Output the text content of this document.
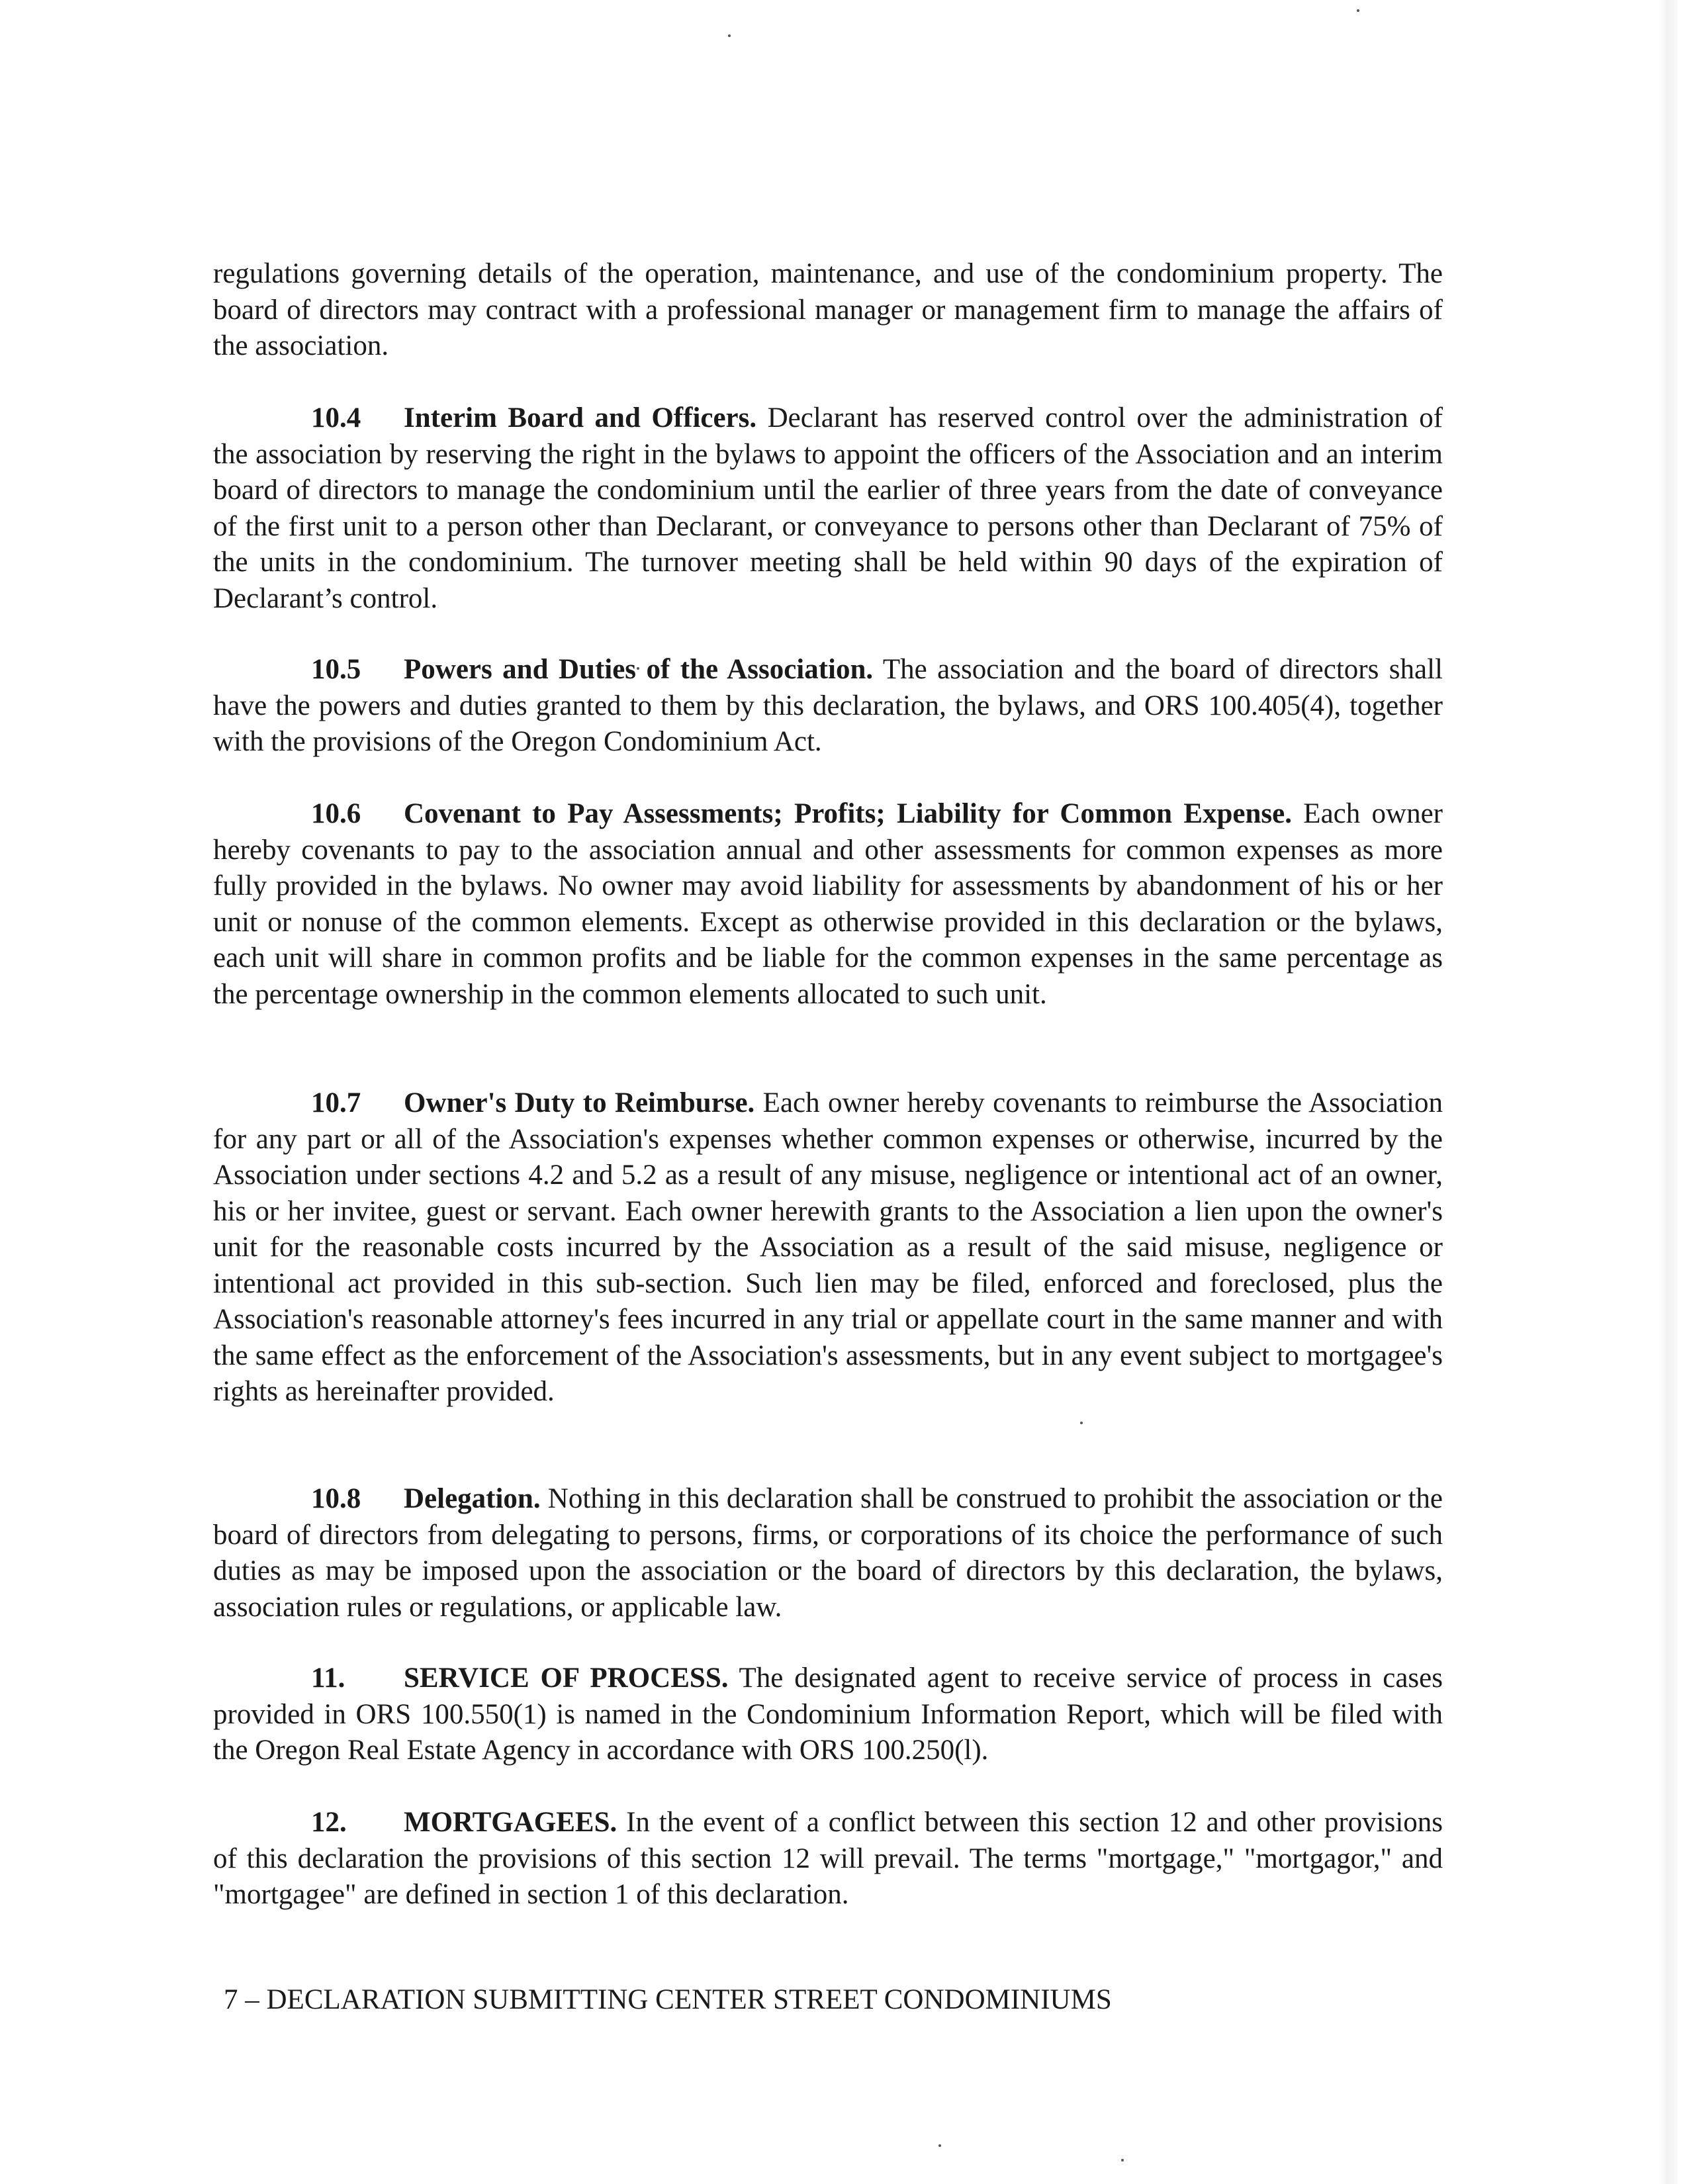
regulations governing details of the operation, maintenance, and use of the condominium property. The board of directors may contract with a professional manager or management firm to manage the affairs of the association.

10.4 Interim Board and Officers. Declarant has reserved control over the administration of the association by reserving the right in the bylaws to appoint the officers of the Association and an interim board of directors to manage the condominium until the earlier of three years from the date of conveyance of the first unit to a person other than Declarant, or conveyance to persons other than Declarant of 75% of the units in the condominium. The turnover meeting shall be held within 90 days of the expiration of Declarant’s control.

10.5 Powers and Duties of the Association. The association and the board of directors shall have the powers and duties granted to them by this declaration, the bylaws, and ORS 100.405(4), together with the provisions of the Oregon Condominium Act.

10.6 Covenant to Pay Assessments; Profits; Liability for Common Expense. Each owner hereby covenants to pay to the association annual and other assessments for common expenses as more fully provided in the bylaws. No owner may avoid liability for assessments by abandonment of his or her unit or nonuse of the common elements. Except as otherwise provided in this declaration or the bylaws, each unit will share in common profits and be liable for the common expenses in the same percentage as the percentage ownership in the common elements allocated to such unit.

10.7 Owner's Duty to Reimburse. Each owner hereby covenants to reimburse the Association for any part or all of the Association's expenses whether common expenses or otherwise, incurred by the Association under sections 4.2 and 5.2 as a result of any misuse, negligence or intentional act of an owner, his or her invitee, guest or servant. Each owner herewith grants to the Association a lien upon the owner's unit for the reasonable costs incurred by the Association as a result of the said misuse, negligence or intentional act provided in this sub-section. Such lien may be filed, enforced and foreclosed, plus the Association's reasonable attorney's fees incurred in any trial or appellate court in the same manner and with the same effect as the enforcement of the Association's assessments, but in any event subject to mortgagee's rights as hereinafter provided.

10.8 Delegation. Nothing in this declaration shall be construed to prohibit the association or the board of directors from delegating to persons, firms, or corporations of its choice the performance of such duties as may be imposed upon the association or the board of directors by this declaration, the bylaws, association rules or regulations, or applicable law.

11. SERVICE OF PROCESS. The designated agent to receive service of process in cases provided in ORS 100.550(1) is named in the Condominium Information Report, which will be filed with the Oregon Real Estate Agency in accordance with ORS 100.250(l).

12. MORTGAGEES. In the event of a conflict between this section 12 and other provisions of this declaration the provisions of this section 12 will prevail. The terms "mortgage," "mortgagor," and "mortgagee" are defined in section 1 of this declaration.

7 – DECLARATION SUBMITTING CENTER STREET CONDOMINIUMS
